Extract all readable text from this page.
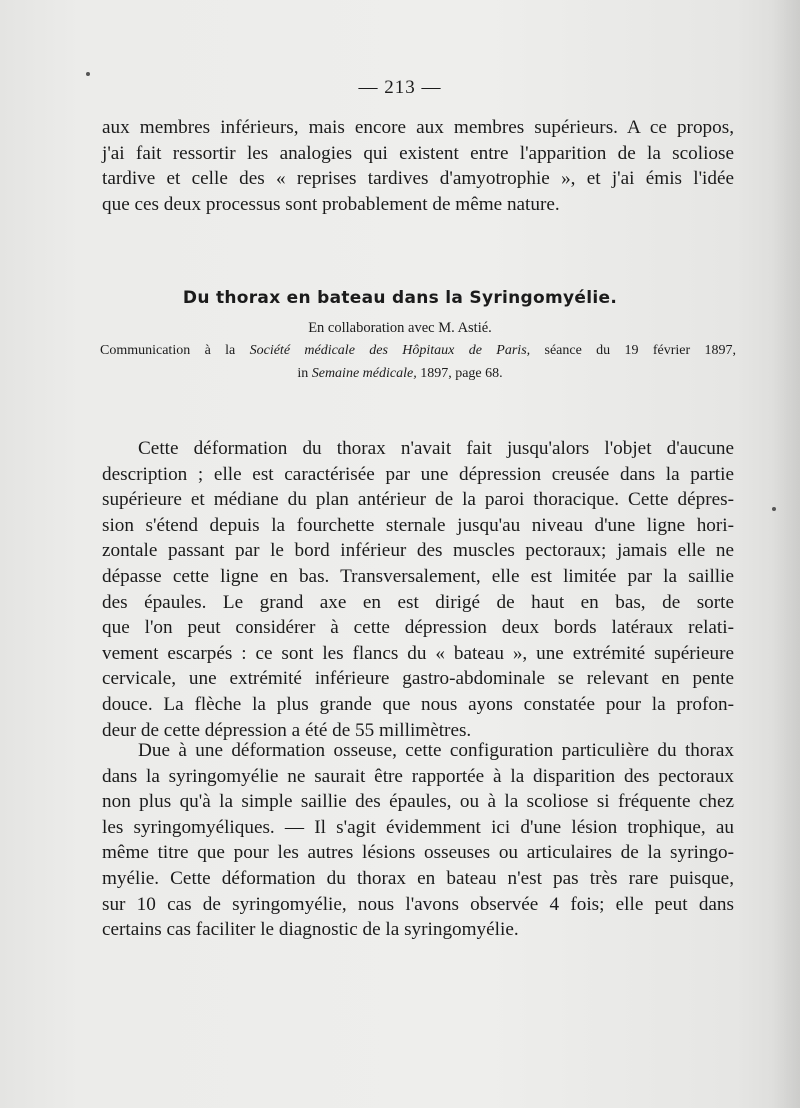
— 213 —
aux membres inférieurs, mais encore aux membres supérieurs. A ce propos,
j'ai fait ressortir les analogies qui existent entre l'apparition de la scoliose
tardive et celle des « reprises tardives d'amyotrophie », et j'ai émis l'idée
que ces deux processus sont probablement de même nature.
Du thorax en bateau dans la Syringomyélie.
En collaboration avec M. Astié.
Communication à la Société médicale des Hôpitaux de Paris, séance du 19 février 1897,
in Semaine médicale, 1897, page 68.
Cette déformation du thorax n'avait fait jusqu'alors l'objet d'aucune
description ; elle est caractérisée par une dépression creusée dans la partie
supérieure et médiane du plan antérieur de la paroi thoracique. Cette dépres-
sion s'étend depuis la fourchette sternale jusqu'au niveau d'une ligne hori-
zontale passant par le bord inférieur des muscles pectoraux; jamais elle ne
dépasse cette ligne en bas. Transversalement, elle est limitée par la saillie
des épaules. Le grand axe en est dirigé de haut en bas, de sorte
que l'on peut considérer à cette dépression deux bords latéraux relati-
vement escarpés : ce sont les flancs du « bateau », une extrémité supérieure
cervicale, une extrémité inférieure gastro-abdominale se relevant en pente
douce. La flèche la plus grande que nous ayons constatée pour la profon-
deur de cette dépression a été de 55 millimètres.
Due à une déformation osseuse, cette configuration particulière du thorax
dans la syringomyélie ne saurait être rapportée à la disparition des pectoraux
non plus qu'à la simple saillie des épaules, ou à la scoliose si fréquente chez
les syringomyéliques. — Il s'agit évidemment ici d'une lésion trophique, au
même titre que pour les autres lésions osseuses ou articulaires de la syringo-
myélie. Cette déformation du thorax en bateau n'est pas très rare puisque,
sur 10 cas de syringomyélie, nous l'avons observée 4 fois; elle peut dans
certains cas faciliter le diagnostic de la syringomyélie.
